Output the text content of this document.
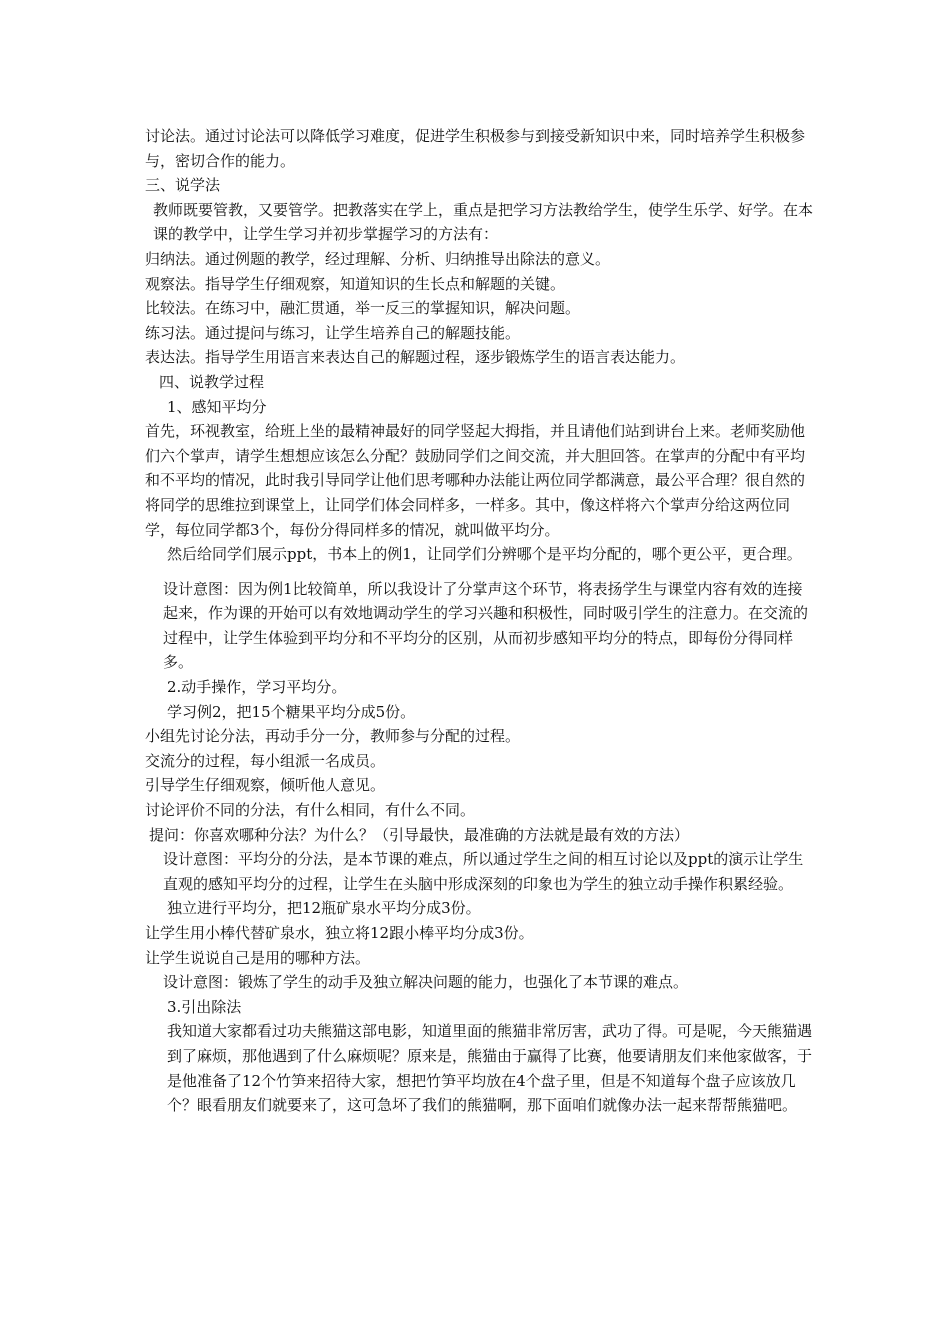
讨论法。通过讨论法可以降低学习难度，促进学生积极参与到接受新知识中来，同时培养学生积极参与，密切合作的能力。

三、说学法

教师既要管教，又要管学。把教落实在学上，重点是把学习方法教给学生，使学生乐学、好学。在本课的教学中，让学生学习并初步掌握学习的方法有：

归纳法。通过例题的教学，经过理解、分析、归纳推导出除法的意义。

观察法。指导学生仔细观察，知道知识的生长点和解题的关键。

比较法。在练习中，融汇贯通，举一反三的掌握知识，解决问题。

练习法。通过提问与练习，让学生培养自己的解题技能。

表达法。指导学生用语言来表达自己的解题过程，逐步锻炼学生的语言表达能力。

四、说教学过程

1、感知平均分

首先，环视教室，给班上坐的最精神最好的同学竖起大拇指，并且请他们站到讲台上来。老师奖励他们六个掌声，请学生想想应该怎么分配？鼓励同学们之间交流，并大胆回答。在掌声的分配中有平均和不平均的情况，此时我引导同学让他们思考哪种办法能让两位同学都满意，最公平合理？很自然的将同学的思维拉到课堂上，让同学们体会同样多，一样多。其中，像这样将六个掌声分给这两位同学，每位同学都3个，每份分得同样多的情况，就叫做平均分。

然后给同学们展示ppt，书本上的例1，让同学们分辨哪个是平均分配的，哪个更公平，更合理。

设计意图：因为例1比较简单，所以我设计了分掌声这个环节，将表扬学生与课堂内容有效的连接起来，作为课的开始可以有效地调动学生的学习兴趣和积极性，同时吸引学生的注意力。在交流的过程中，让学生体验到平均分和不平均分的区别，从而初步感知平均分的特点，即每份分得同样多。

2.动手操作，学习平均分。

学习例2，把15个糖果平均分成5份。

小组先讨论分法，再动手分一分，教师参与分配的过程。

交流分的过程，每小组派一名成员。

引导学生仔细观察，倾听他人意见。

讨论评价不同的分法，有什么相同，有什么不同。

提问：你喜欢哪种分法？为什么？（引导最快，最准确的方法就是最有效的方法）

设计意图：平均分的分法，是本节课的难点，所以通过学生之间的相互讨论以及ppt的演示让学生直观的感知平均分的过程，让学生在头脑中形成深刻的印象也为学生的独立动手操作积累经验。

独立进行平均分，把12瓶矿泉水平均分成3份。

让学生用小棒代替矿泉水，独立将12跟小棒平均分成3份。

让学生说说自己是用的哪种方法。

设计意图：锻炼了学生的动手及独立解决问题的能力，也强化了本节课的难点。

3.引出除法

我知道大家都看过功夫熊猫这部电影，知道里面的熊猫非常厉害，武功了得。可是呢，今天熊猫遇到了麻烦，那他遇到了什么麻烦呢？原来是，熊猫由于赢得了比赛，他要请朋友们来他家做客，于是他准备了12个竹笋来招待大家，想把竹笋平均放在4个盘子里，但是不知道每个盘子应该放几个？眼看朋友们就要来了，这可急坏了我们的熊猫啊，那下面咱们就像办法一起来帮帮熊猫吧。
